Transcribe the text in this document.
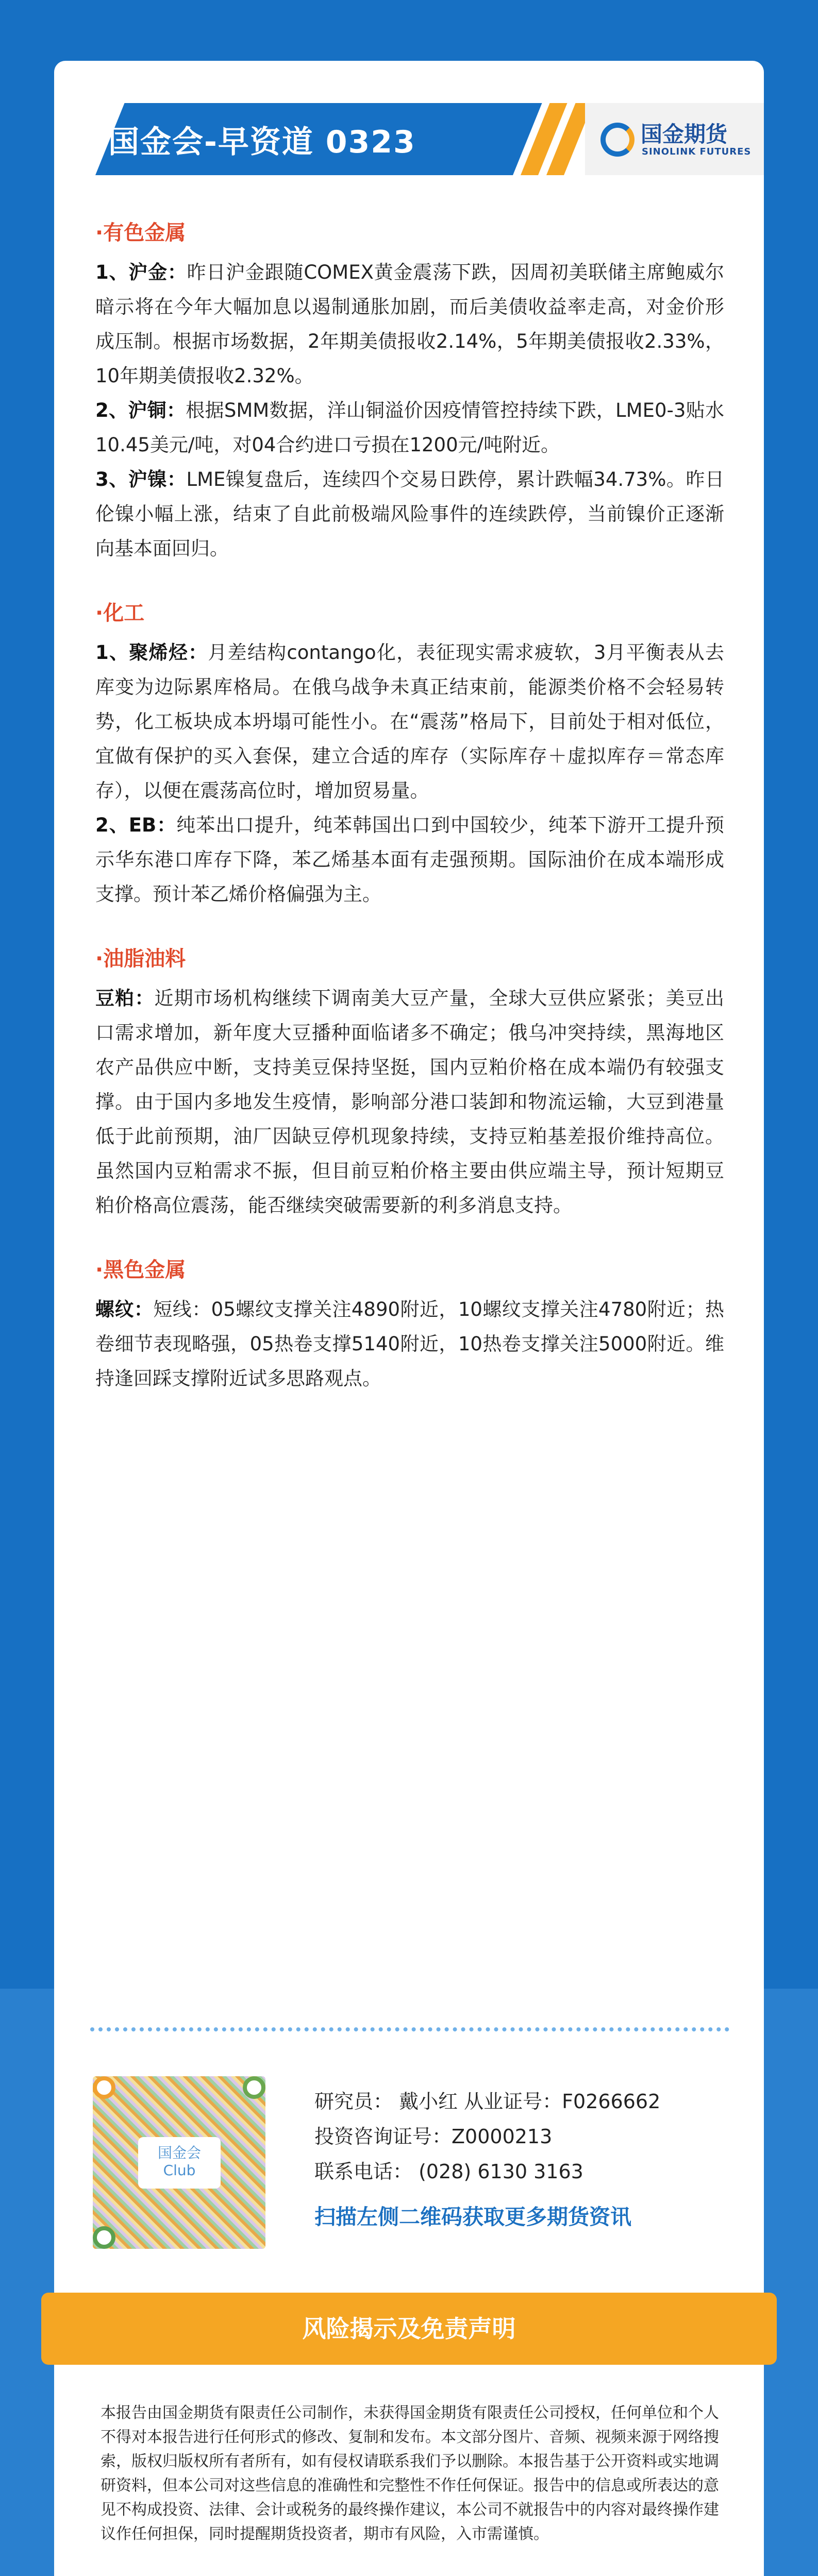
国金会-早资道 0323	国金期货
SINOLINK FUTURES
·有色金属

1、沪金：昨日沪金跟随COMEX黄金震荡下跌，因周初美联储主席鲍威尔暗示将在今年大幅加息以遏制通胀加剧，而后美债收益率走高，对金价形成压制。根据市场数据，2年期美债报收2.14%，5年期美债报收2.33%，10年期美债报收2.32%。

2、沪铜：根据SMM数据，洋山铜溢价因疫情管控持续下跌，LME0-3贴水10.45美元/吨，对04合约进口亏损在1200元/吨附近。

3、沪镍：LME镍复盘后，连续四个交易日跌停，累计跌幅34.73%。昨日伦镍小幅上涨，结束了自此前极端风险事件的连续跌停，当前镍价正逐渐向基本面回归。

·化工

1、聚烯烃：月差结构contango化，表征现实需求疲软，3月平衡表从去库变为边际累库格局。在俄乌战争未真正结束前，能源类价格不会轻易转势，化工板块成本坍塌可能性小。在“震荡”格局下，目前处于相对低位，宜做有保护的买入套保，建立合适的库存（实际库存＋虚拟库存＝常态库存），以便在震荡高位时，增加贸易量。

2、EB：纯苯出口提升，纯苯韩国出口到中国较少，纯苯下游开工提升预示华东港口库存下降，苯乙烯基本面有走强预期。国际油价在成本端形成支撑。预计苯乙烯价格偏强为主。

·油脂油料

豆粕：近期市场机构继续下调南美大豆产量，全球大豆供应紧张；美豆出口需求增加，新年度大豆播种面临诸多不确定；俄乌冲突持续，黑海地区农产品供应中断，支持美豆保持坚挺，国内豆粕价格在成本端仍有较强支撑。由于国内多地发生疫情，影响部分港口装卸和物流运输，大豆到港量低于此前预期，油厂因缺豆停机现象持续，支持豆粕基差报价维持高位。虽然国内豆粕需求不振，但目前豆粕价格主要由供应端主导，预计短期豆粕价格高位震荡，能否继续突破需要新的利多消息支持。

·黑色金属

螺纹：短线：05螺纹支撑关注4890附近，10螺纹支撑关注4780附近；热卷细节表现略强，05热卷支撑5140附近，10热卷支撑关注5000附近。维持逢回踩支撑附近试多思路观点。

国金会
Club
研究员： 戴小红 从业证号：F0266662
投资咨询证号：Z0000213
联系电话： (028) 6130 3163
扫描左侧二维码获取更多期货资讯
风险揭示及免责声明
本报告由国金期货有限责任公司制作，未获得国金期货有限责任公司授权，任何单位和个人不得对本报告进行任何形式的修改、复制和发布。本文部分图片、音频、视频来源于网络搜索，版权归版权所有者所有，如有侵权请联系我们予以删除。本报告基于公开资料或实地调研资料，但本公司对这些信息的准确性和完整性不作任何保证。报告中的信息或所表达的意见不构成投资、法律、会计或税务的最终操作建议，本公司不就报告中的内容对最终操作建议作任何担保，同时提醒期货投资者，期市有风险，入市需谨慎。
